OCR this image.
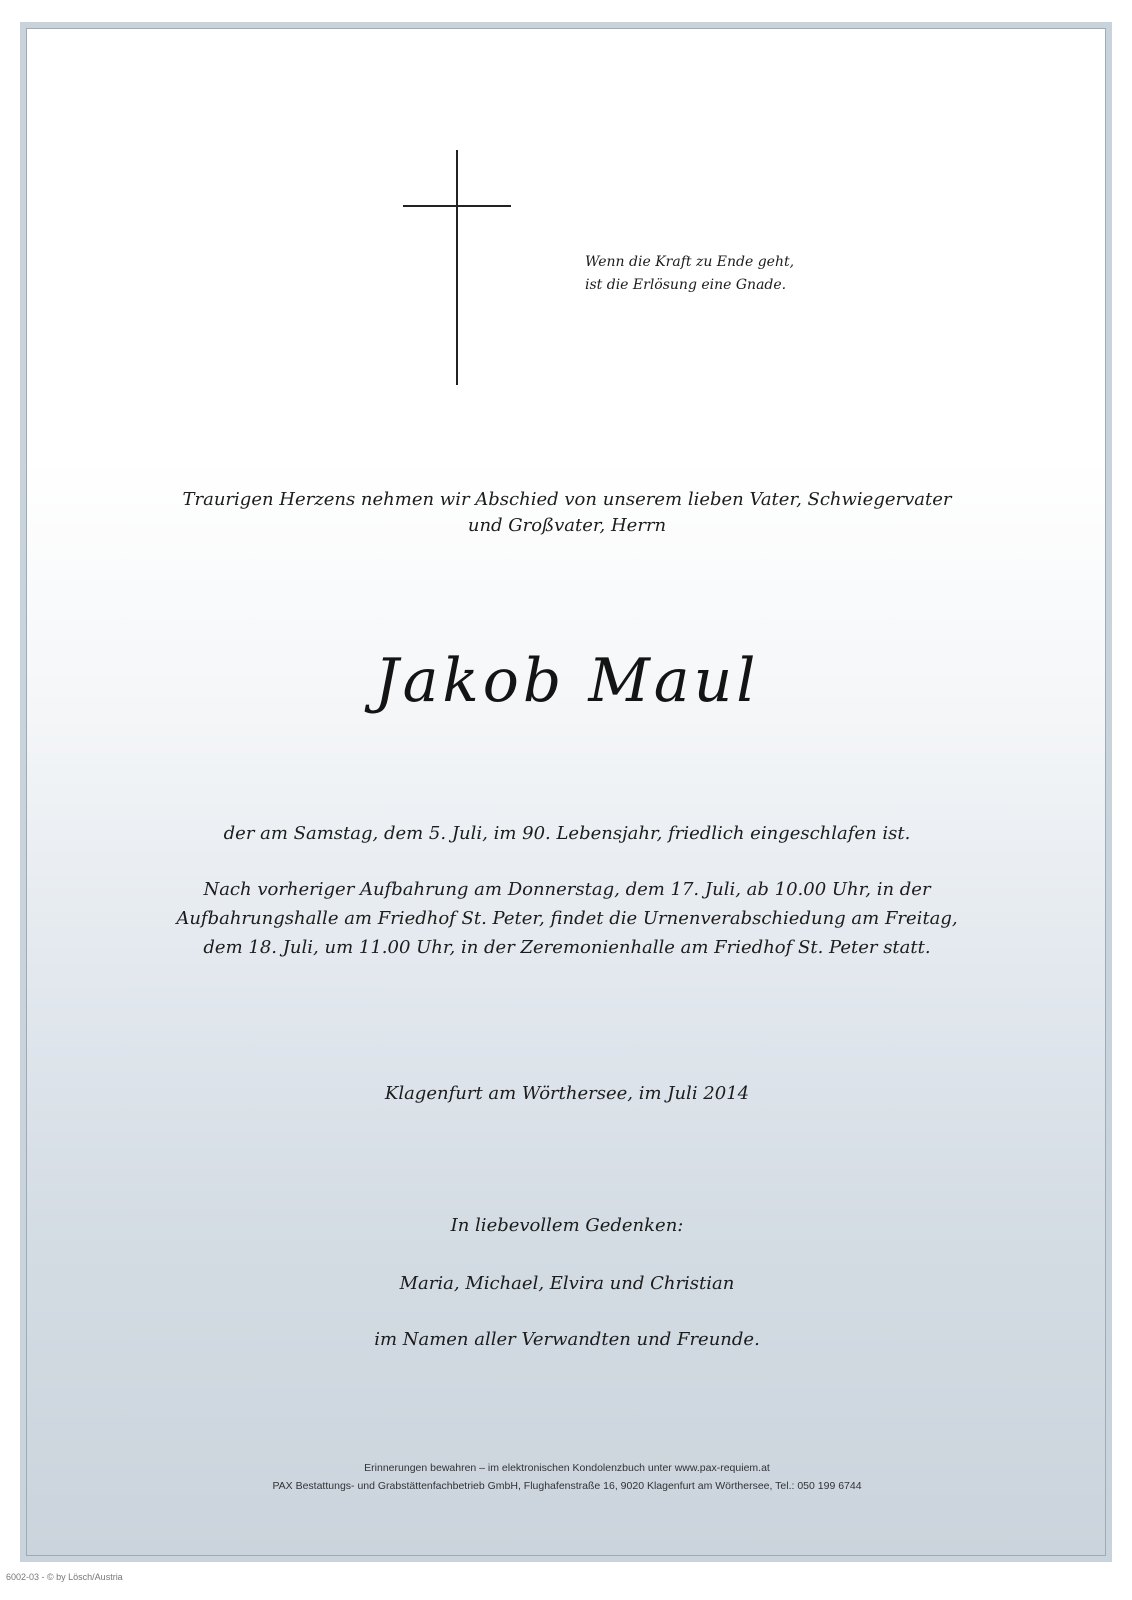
Wenn die Kraft zu Ende geht,
ist die Erlösung eine Gnade.
Traurigen Herzens nehmen wir Abschied von unserem lieben Vater, Schwiegervater
und Großvater, Herrn
Jakob Maul
der am Samstag, dem 5. Juli, im 90. Lebensjahr, friedlich eingeschlafen ist.
Nach vorheriger Aufbahrung am Donnerstag, dem 17. Juli, ab 10.00 Uhr, in der
Aufbahrungshalle am Friedhof St. Peter, findet die Urnenverabschiedung am Freitag,
dem 18. Juli, um 11.00 Uhr, in der Zeremonienhalle am Friedhof St. Peter statt.
Klagenfurt am Wörthersee, im Juli 2014
In liebevollem Gedenken:
Maria, Michael, Elvira und Christian
im Namen aller Verwandten und Freunde.
Erinnerungen bewahren – im elektronischen Kondolenzbuch unter www.pax-requiem.at
PAX Bestattungs- und Grabstättenfachbetrieb GmbH, Flughafenstraße 16, 9020 Klagenfurt am Wörthersee, Tel.: 050 199 6744
6002-03 - © by Lösch/Austria
